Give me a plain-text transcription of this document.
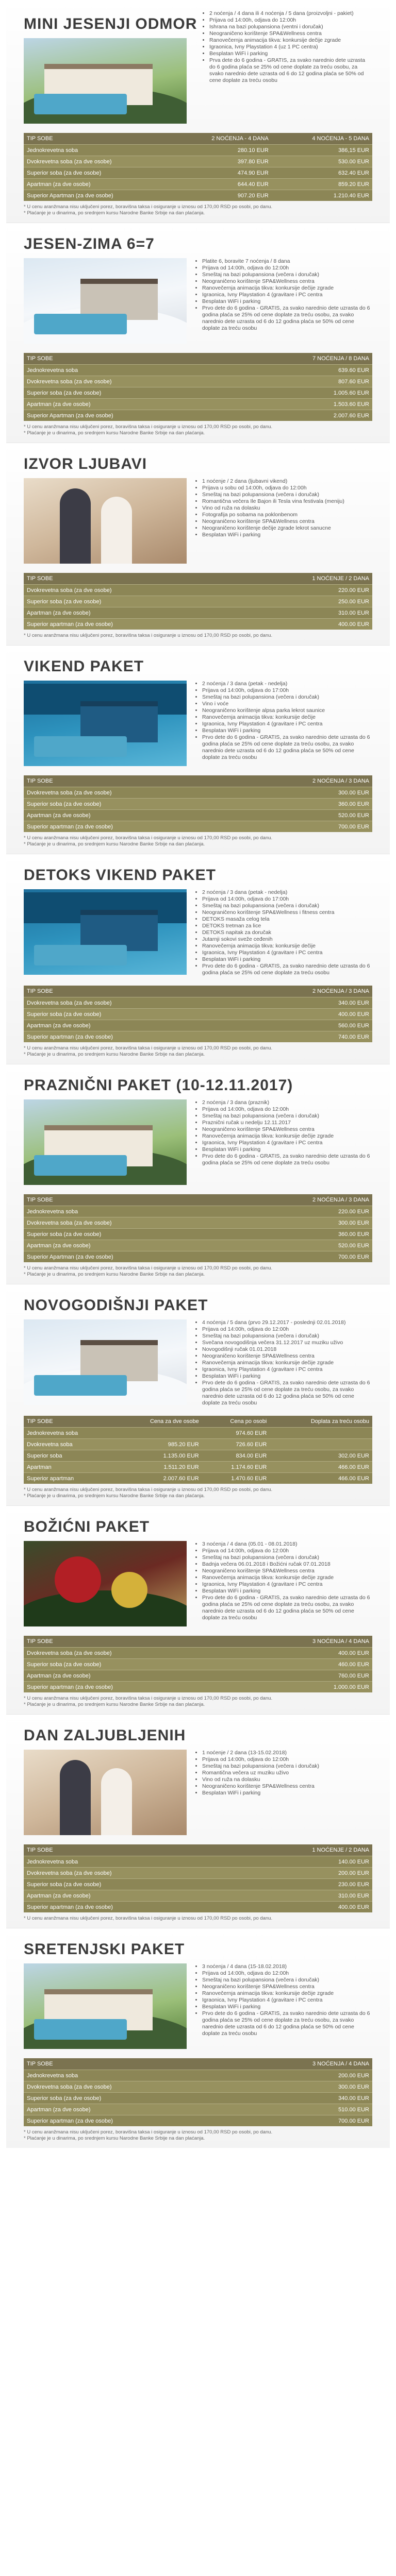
MINI JESENJI ODMOR
• 2 noćenja / 4 dana ili 4 noćenja / 5 dana (proizvoljni - pakiet)
• Prijava od 14:00h, odjava do 12:00h
• Ishrana na bazi polupansiona (ventni i doručak)
• Neograničeno korištenje SPA&Wellness centra
• Ranovečernja animacija tikva: konkursije dečije zgrade
• Igraonica, Ivny Playstation 4 (uz 1 PC centra)
• Besplatan WiFi i parking
• Prva dete do 6 godina - GRATIS, za svako narednio dete uzrasta do 6 godina plaća se 25% od cene doplate za treću osobu, za svako narednio dete uzrasta od 6 do 12 godina plaća se 50% od cene doplate za treću osobu
TIP SOBE	2 NOĆENJA - 4 DANA	4 NOĆENJA - 5 DANA
Jednokrevetna soba	280.10 EUR	386,15 EUR
Dvokrevetna soba (za dve osobe)	397.80 EUR	530.00 EUR
Superior soba (za dve osobe)	474.90 EUR	632.40 EUR
Apartman (za dve osobe)	644.40 EUR	859.20 EUR
Superior Apartman (za dve osobe)	907.20 EUR	1.210.40 EUR

* U cenu aranžmana nisu uključeni porez, boravišna taksa i osiguranje u iznosu od 170,00 RSD po osobi, po danu.

* Plaćanje je u dinarima, po srednjem kursu Narodne Banke Srbije na dan plaćanja.

JESEN-ZIMA 6=7
• Platite 6, boravite 7 noćenja / 8 dana
• Prijava od 14:00h, odjava do 12:00h
• Smeštaj na bazi polupansiona (večera i doručak)
• Neograničeno korištenje SPA&Wellness centra
• Ranovečernja animacija tikva: konkursije dečije zgrade
• Igraonica, Ivny Playstation 4 (gravitare i PC centra
• Besplatan WiFi i parking
• Prvo dete do 6 godina - GRATIS, za svako narednio dete uzrasta do 6 godina plaća se 25% od cene doplate za treću osobu, za svako narednio dete uzrasta od 6 do 12 godina plaća se 50% od cene doplate za treću osobu
TIP SOBE	7 NOĆENJA / 8 DANA
Jednokrevetna soba	639.60 EUR
Dvokrevetna soba (za dve osobe)	807.60 EUR
Superior soba (za dve osobe)	1.005.60 EUR
Apartman (za dve osobe)	1.503.60 EUR
Superior Apartman (za dve osobe)	2.007.60 EUR

* U cenu aranžmana nisu uključeni porez, boravišna taksa i osiguranje u iznosu od 170,00 RSD po osobi, po danu.

* Plaćanje je u dinarima, po srednjem kursu Narodne Banke Srbije na dan plaćanja.

IZVOR LJUBAVI
• 1 noćenje / 2 dana (ljubavni vikend)
• Prijava u sobu od 14:00h, odjava do 12:00h
• Smeštaj na bazi polupansiona (večera i doručak)
• Romantična večera Ile Bajon ili Tesla vina festivala (meniju)
• Vino od ruža na dolasku
• Fotografija po sobama na poklonbenom
• Neograničeno korištenje SPA&Wellness centra
• Neograničeno korištenje dečije zgrade lekrot sanucne
• Besplatan WiFi i parking
TIP SOBE	1 NOĆENJE / 2 DANA
Dvokrevetna soba (za dve osobe)	220.00 EUR
Superior soba (za dve osobe)	250.00 EUR
Apartman (za dve osobe)	310.00 EUR
Superior apartman (za dve osobe)	400.00 EUR

* U cenu aranžmana nisu uključeni porez, boravišna taksa i osiguranje u iznosu od 170,00 RSD po osobi, po danu.

VIKEND PAKET
• 2 noćenja / 3 dana (petak - nedelja)
• Prijava od 14:00h, odjava do 17:00h
• Smeštaj na bazi polupansiona (večera i doručak)
• Vino i voće
• Neograničeno korištenje alpsa parka lekrot saunice
• Ranovečernja animacija tikva: konkursije dečije
• Igraonica, Ivny Playstation 4 (gravitare i PC centra
• Besplatan WiFi i parking
• Prvo dete do 6 godina - GRATIS, za svako narednio dete uzrasta do 6 godina plaća se 25% od cene doplate za treću osobu, za svako narednio dete uzrasta od 6 do 12 godina plaća se 50% od cene doplate za treću osobu
TIP SOBE	2 NOĆENJA / 3 DANA
Dvokrevetna soba (za dve osobe)	300.00 EUR
Superior soba (za dve osobe)	360.00 EUR
Apartman (za dve osobe)	520.00 EUR
Superior apartman (za dve osobe)	700.00 EUR

* U cenu aranžmana nisu uključeni porez, boravišna taksa i osiguranje u iznosu od 170,00 RSD po osobi, po danu.

* Plaćanje je u dinarima, po srednjem kursu Narodne Banke Srbije na dan plaćanja.

DETOKS VIKEND PAKET
• 2 noćenja / 3 dana (petak - nedelja)
• Prijava od 14:00h, odjava do 17:00h
• Smeštaj na bazi polupansiona (večera i doručak)
• Neograničeno korištenje SPA&Wellness i fitness centra
• DETOKS masaža celog tela
• DETOKS tretman za lice
• DETOKS napitak za doručak
• Jutarnji sokovi sveže ceđenih
• Ranovečernja animacija tikva: konkursije dečije
• Igraonica, Ivny Playstation 4 (gravitare i PC centra
• Besplatan WiFi i parking
• Prvo dete do 6 godina - GRATIS, za svako narednio dete uzrasta do 6 godina plaća se 25% od cene doplate za treću osobu
TIP SOBE	2 NOĆENJA / 3 DANA
Dvokrevetna soba (za dve osobe)	340.00 EUR
Superior soba (za dve osobe)	400.00 EUR
Apartman (za dve osobe)	560.00 EUR
Superior apartman (za dve osobe)	740.00 EUR

* U cenu aranžmana nisu uključeni porez, boravišna taksa i osiguranje u iznosu od 170,00 RSD po osobi, po danu.

* Plaćanje je u dinarima, po srednjem kursu Narodne Banke Srbije na dan plaćanja.

PRAZNIČNI PAKET (10-12.11.2017)
• 2 noćenja / 3 dana (praznik)
• Prijava od 14:00h, odjava do 12:00h
• Smeštaj na bazi polupansiona (večera i doručak)
• Praznični ručak u nedelju 12.11.2017
• Neograničeno korištenje SPA&Wellness centra
• Ranovečernja animacija tikva: konkursije dečije zgrade
• Igraonica, Ivny Playstation 4 (gravitare i PC centra
• Besplatan WiFi i parking
• Prvo dete do 6 godina - GRATIS, za svako narednio dete uzrasta do 6 godina plaća se 25% od cene doplate za treću osobu
TIP SOBE	2 NOĆENJA / 3 DANA
Jednokrevetna soba	220.00 EUR
Dvokrevetna soba (za dve osobe)	300.00 EUR
Superior soba (za dve osobe)	360.00 EUR
Apartman (za dve osobe)	520.00 EUR
Superior Apartman (za dve osobe)	700.00 EUR

* U cenu aranžmana nisu uključeni porez, boravišna taksa i osiguranje u iznosu od 170,00 RSD po osobi, po danu.

* Plaćanje je u dinarima, po srednjem kursu Narodne Banke Srbije na dan plaćanja.

NOVOGODIŠNJI PAKET
• 4 noćenja / 5 dana (prvo 29.12.2017 - poslednji 02.01.2018)
• Prijava od 14:00h, odjava do 12:00h
• Smeštaj na bazi polupansiona (večera i doručak)
• Svečana novogodišnja večera 31.12.2017 uz muziku uživo
• Novogodišnji ručak 01.01.2018
• Neograničeno korištenje SPA&Wellness centra
• Ranovečernja animacija tikva: konkursije dečije zgrade
• Igraonica, Ivny Playstation 4 (gravitare i PC centra
• Besplatan WiFi i parking
• Prvo dete do 6 godina - GRATIS, za svako narednio dete uzrasta do 6 godina plaća se 25% od cene doplate za treću osobu, za svako narednio dete uzrasta od 6 do 12 godina plaća se 50% od cene doplate za treću osobu
TIP SOBE	Cena za dve osobe	Cena po osobi	Doplata za treću osobu
Jednokrevetna soba		974.60 EUR	
Dvokrevetna soba	985.20 EUR	726.60 EUR	
Superior soba	1.135.00 EUR	834.00 EUR	302.00 EUR
Apartman	1.511.20 EUR	1.174.60 EUR	466.00 EUR
Superior apartman	2.007.60 EUR	1.470.60 EUR	466.00 EUR

* U cenu aranžmana nisu uključeni porez, boravišna taksa i osiguranje u iznosu od 170,00 RSD po osobi, po danu.

* Plaćanje je u dinarima, po srednjem kursu Narodne Banke Srbije na dan plaćanja.

BOŽIĆNI PAKET
• 3 noćenja / 4 dana (05.01 - 08.01.2018)
• Prijava od 14:00h, odjava do 12:00h
• Smeštaj na bazi polupansiona (večera i doručak)
• Badnja večera 06.01.2018 i Božićni ručak 07.01.2018
• Neograničeno korištenje SPA&Wellness centra
• Ranovečernja animacija tikva: konkursije dečije zgrade
• Igraonica, Ivny Playstation 4 (gravitare i PC centra
• Besplatan WiFi i parking
• Prvo dete do 6 godina - GRATIS, za svako narednio dete uzrasta do 6 godina plaća se 25% od cene doplate za treću osobu, za svako narednio dete uzrasta od 6 do 12 godina plaća se 50% od cene doplate za treću osobu
TIP SOBE	3 NOĆENJA / 4 DANA
Dvokrevetna soba (za dve osobe)	400.00 EUR
Superior soba (za dve osobe)	460.00 EUR
Apartman (za dve osobe)	760.00 EUR
Superior apartman (za dve osobe)	1.000.00 EUR

* U cenu aranžmana nisu uključeni porez, boravišna taksa i osiguranje u iznosu od 170,00 RSD po osobi, po danu.

* Plaćanje je u dinarima, po srednjem kursu Narodne Banke Srbije na dan plaćanja.

DAN ZALJUBLJENIH
• 1 noćenje / 2 dana (13-15.02.2018)
• Prijava od 14:00h, odjava do 12:00h
• Smeštaj na bazi polupansiona (večera i doručak)
• Romantična večera uz muziku uživo
• Vino od ruža na dolasku
• Neograničeno korištenje SPA&Wellness centra
• Besplatan WiFi i parking
TIP SOBE	1 NOĆENJE / 2 DANA
Jednokrevetna soba	140.00 EUR
Dvokrevetna soba (za dve osobe)	200.00 EUR
Superior soba (za dve osobe)	230.00 EUR
Apartman (za dve osobe)	310.00 EUR
Superior apartman (za dve osobe)	400.00 EUR

* U cenu aranžmana nisu uključeni porez, boravišna taksa i osiguranje u iznosu od 170,00 RSD po osobi, po danu.

SRETENJSKI PAKET
• 3 noćenja / 4 dana (15-18.02.2018)
• Prijava od 14:00h, odjava do 12:00h
• Smeštaj na bazi polupansiona (večera i doručak)
• Neograničeno korištenje SPA&Wellness centra
• Ranovečernja animacija tikva: konkursije dečije zgrade
• Igraonica, Ivny Playstation 4 (gravitare i PC centra
• Besplatan WiFi i parking
• Prvo dete do 6 godina - GRATIS, za svako narednio dete uzrasta do 6 godina plaća se 25% od cene doplate za treću osobu, za svako narednio dete uzrasta od 6 do 12 godina plaća se 50% od cene doplate za treću osobu
TIP SOBE	3 NOĆENJA / 4 DANA
Jednokrevetna soba	200.00 EUR
Dvokrevetna soba (za dve osobe)	300.00 EUR
Superior soba (za dve osobe)	340.00 EUR
Apartman (za dve osobe)	510.00 EUR
Superior apartman (za dve osobe)	700.00 EUR

* U cenu aranžmana nisu uključeni porez, boravišna taksa i osiguranje u iznosu od 170,00 RSD po osobi, po danu.

* Plaćanje je u dinarima, po srednjem kursu Narodne Banke Srbije na dan plaćanja.
